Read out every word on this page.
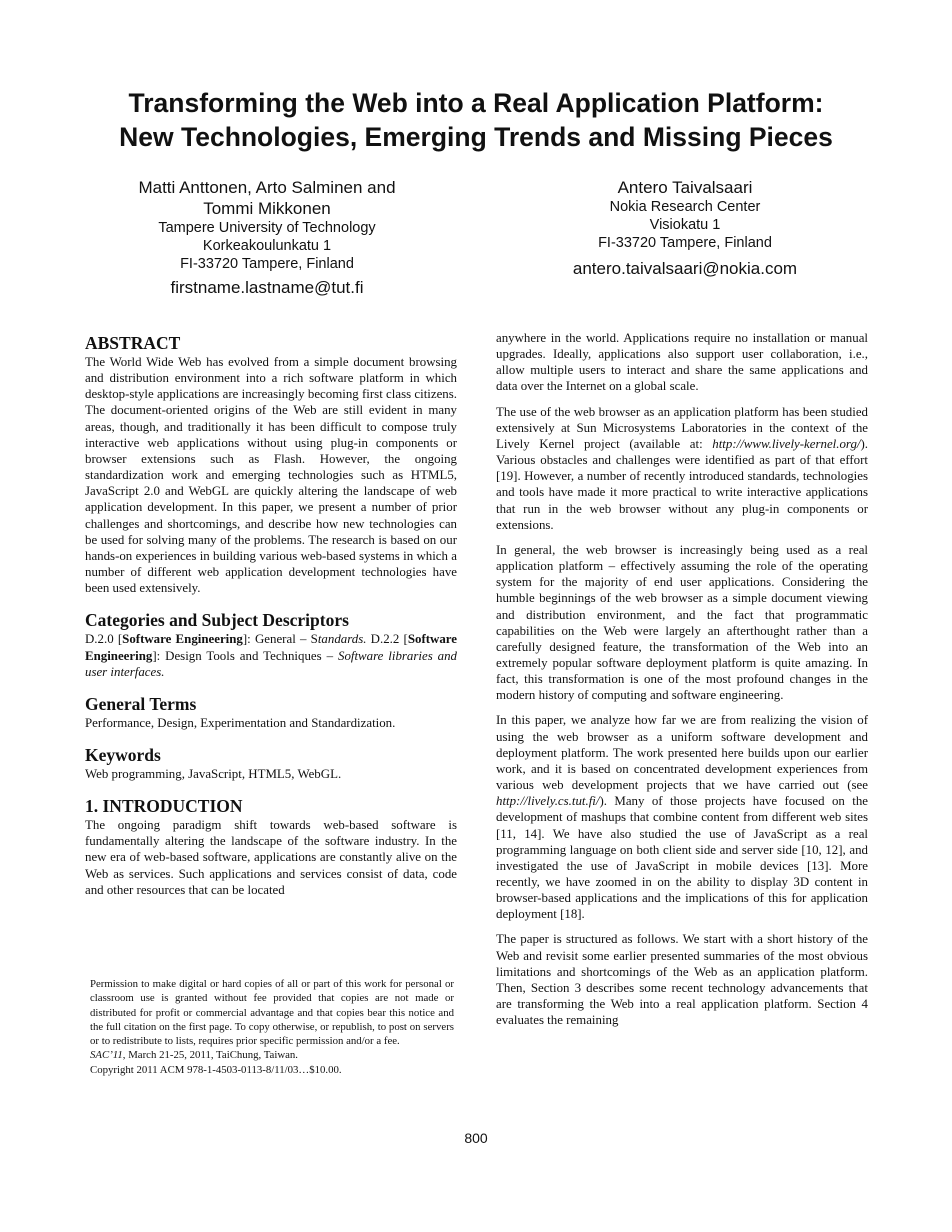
Transforming the Web into a Real Application Platform:
New Technologies, Emerging Trends and Missing Pieces
Matti Anttonen, Arto Salminen and
Tommi Mikkonen
Tampere University of Technology
Korkeakoulunkatu 1
FI-33720 Tampere, Finland
firstname.lastname@tut.fi
Antero Taivalsaari
Nokia Research Center
Visiokatu 1
FI-33720 Tampere, Finland
antero.taivalsaari@nokia.com
ABSTRACT

The World Wide Web has evolved from a simple document browsing and distribution environment into a rich software platform in which desktop-style applications are increasingly becoming first class citizens. The document-oriented origins of the Web are still evident in many areas, though, and traditionally it has been difficult to compose truly interactive web applications without using plug-in components or browser extensions such as Flash. However, the ongoing standardization work and emerging technologies such as HTML5, JavaScript 2.0 and WebGL are quickly altering the landscape of web application development. In this paper, we present a number of prior challenges and shortcomings, and describe how new technologies can be used for solving many of the problems. The research is based on our hands-on experiences in building various web-based systems in which a number of different web application development technologies have been used extensively.

Categories and Subject Descriptors

D.2.0 [Software Engineering]: General – Standards. D.2.2 [Software Engineering]: Design Tools and Techniques – Software libraries and user interfaces.

General Terms

Performance, Design, Experimentation and Standardization.

Keywords

Web programming, JavaScript, HTML5, WebGL.

1. INTRODUCTION

The ongoing paradigm shift towards web-based software is fundamentally altering the landscape of the software industry. In the new era of web-based software, applications are constantly alive on the Web as services. Such applications and services consist of data, code and other resources that can be located

Permission to make digital or hard copies of all or part of this work for personal or classroom use is granted without fee provided that copies are not made or distributed for profit or commercial advantage and that copies bear this notice and the full citation on the first page. To copy otherwise, or republish, to post on servers or to redistribute to lists, requires prior specific permission and/or a fee.
SAC’11, March 21-25, 2011, TaiChung, Taiwan.
Copyright 2011 ACM 978-1-4503-0113-8/11/03…$10.00.

anywhere in the world. Applications require no installation or manual upgrades. Ideally, applications also support user collaboration, i.e., allow multiple users to interact and share the same applications and data over the Internet on a global scale.

The use of the web browser as an application platform has been studied extensively at Sun Microsystems Laboratories in the context of the Lively Kernel project (available at: http://www.lively-kernel.org/). Various obstacles and challenges were identified as part of that effort [19]. However, a number of recently introduced standards, technologies and tools have made it more practical to write interactive applications that run in the web browser without any plug-in components or extensions.

In general, the web browser is increasingly being used as a real application platform – effectively assuming the role of the operating system for the majority of end user applications. Considering the humble beginnings of the web browser as a simple document viewing and distribution environment, and the fact that programmatic capabilities on the Web were largely an afterthought rather than a carefully designed feature, the transformation of the Web into an extremely popular software deployment platform is quite amazing. In fact, this transformation is one of the most profound changes in the modern history of computing and software engineering.

In this paper, we analyze how far we are from realizing the vision of using the web browser as a uniform software development and deployment platform. The work presented here builds upon our earlier work, and it is based on concentrated development experiences from various web development projects that we have carried out (see http://lively.cs.tut.fi/). Many of those projects have focused on the development of mashups that combine content from different web sites [11, 14]. We have also studied the use of JavaScript as a real programming language on both client side and server side [10, 12], and investigated the use of JavaScript in mobile devices [13]. More recently, we have zoomed in on the ability to display 3D content in browser-based applications and the implications of this for application deployment [18].

The paper is structured as follows. We start with a short history of the Web and revisit some earlier presented summaries of the most obvious limitations and shortcomings of the Web as an application platform. Then, Section 3 describes some recent technology advancements that are transforming the Web into a real application platform. Section 4 evaluates the remaining

800
